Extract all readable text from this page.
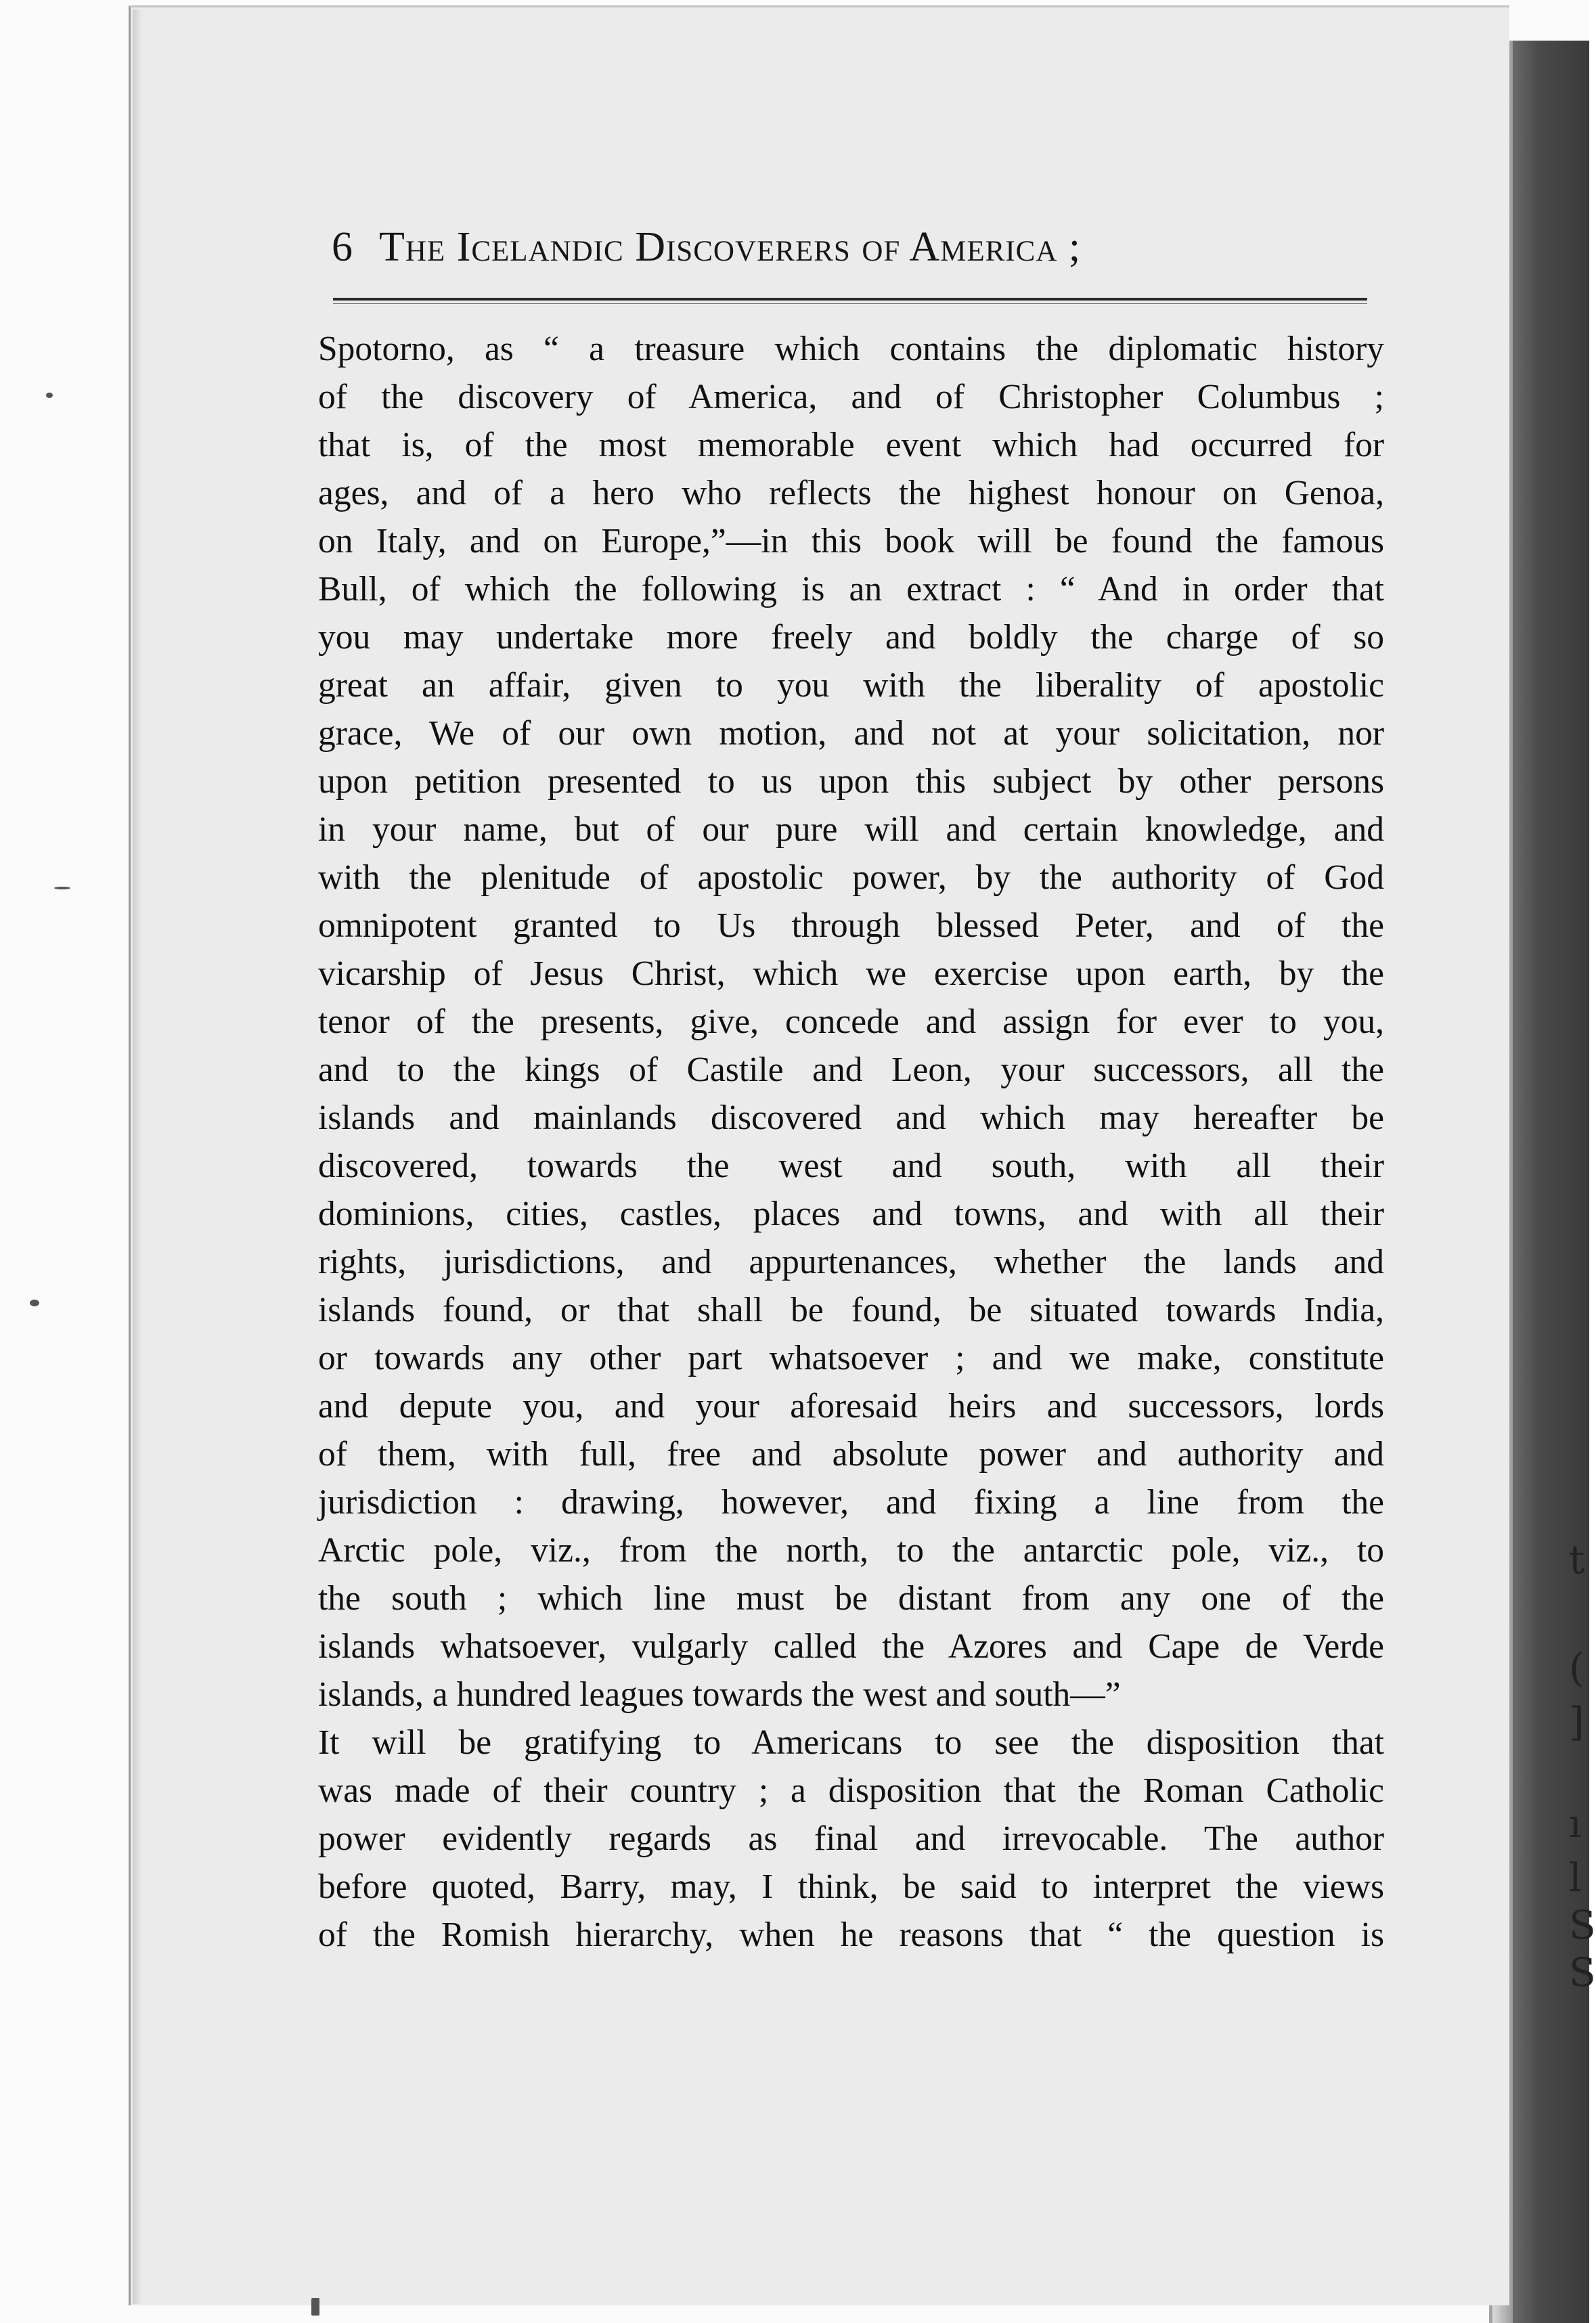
t
(
]
ı
l
S
S
6 The Icelandic Discoverers of America ;
Spotorno, as “ a treasure which contains the diplomatic history
of the discovery of America, and of Christopher Columbus ;
that is, of the most memorable event which had occurred for
ages, and of a hero who reflects the highest honour on Genoa,
on Italy, and on Europe,”—in this book will be found the famous
Bull, of which the following is an extract : “ And in order that
you may undertake more freely and boldly the charge of so
great an affair, given to you with the liberality of apostolic
grace, We of our own motion, and not at your solicitation, nor
upon petition presented to us upon this subject by other persons
in your name, but of our pure will and certain knowledge, and
with the plenitude of apostolic power, by the authority of God
omnipotent granted to Us through blessed Peter, and of the
vicarship of Jesus Christ, which we exercise upon earth, by the
tenor of the presents, give, concede and assign for ever to you,
and to the kings of Castile and Leon, your successors, all the
islands and mainlands discovered and which may hereafter be
discovered, towards the west and south, with all their
dominions, cities, castles, places and towns, and with all their
rights, jurisdictions, and appurtenances, whether the lands and
islands found, or that shall be found, be situated towards India,
or towards any other part whatsoever ; and we make, constitute
and depute you, and your aforesaid heirs and successors, lords
of them, with full, free and absolute power and authority and
jurisdiction : drawing, however, and fixing a line from the
Arctic pole, viz., from the north, to the antarctic pole, viz., to
the south ; which line must be distant from any one of the
islands whatsoever, vulgarly called the Azores and Cape de Verde
islands, a hundred leagues towards the west and south—”
It will be gratifying to Americans to see the disposition that
was made of their country ; a disposition that the Roman Catholic
power evidently regards as final and irrevocable. The author
before quoted, Barry, may, I think, be said to interpret the views
of the Romish hierarchy, when he reasons that “ the question is
